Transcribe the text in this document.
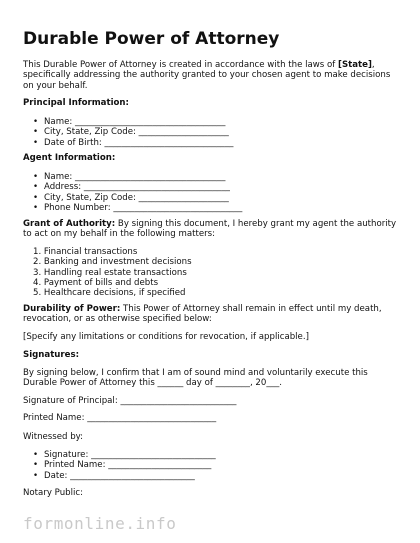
Durable Power of Attorney

This Durable Power of Attorney is created in accordance with the laws of [State], specifically addressing the authority granted to your chosen agent to make decisions on your behalf.

Principal Information:

• Name: ___________________________________
• City, State, Zip Code: _____________________
• Date of Birth: ______________________________

Agent Information:

• Name: ___________________________________
• Address: __________________________________
• City, State, Zip Code: _____________________
• Phone Number: ______________________________

Grant of Authority: By signing this document, I hereby grant my agent the authority to act on my behalf in the following matters:

1. Financial transactions
2. Banking and investment decisions
3. Handling real estate transactions
4. Payment of bills and debts
5. Healthcare decisions, if specified

Durability of Power: This Power of Attorney shall remain in effect until my death, revocation, or as otherwise specified below:

[Specify any limitations or conditions for revocation, if applicable.]

Signatures:

By signing below, I confirm that I am of sound mind and voluntarily execute this Durable Power of Attorney this ______ day of ________, 20___.

Signature of Principal: ___________________________

Printed Name: ______________________________

Witnessed by:

• Signature: _____________________________
• Printed Name: ________________________
• Date: _____________________________

Notary Public:

formonline.info
